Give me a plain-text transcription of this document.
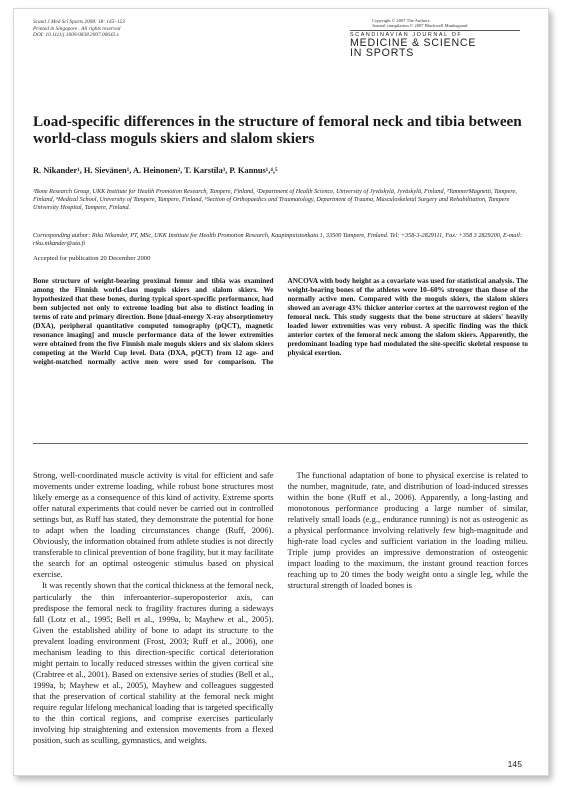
Scand J Med Sci Sports 2008: 18: 145–153
Printed in Singapore . All rights reserved
DOI: 10.1111/j.1600-0838.2007.00643.x
Copyright © 2007 The Authors
Journal compilation © 2007 Blackwell Munksgaard
SCANDINAVIAN JOURNAL OF
MEDICINE & SCIENCE
IN SPORTS
Load-specific differences in the structure of femoral neck and tibia between world-class moguls skiers and slalom skiers
R. Nikander¹, H. Sievänen¹, A. Heinonen², T. Karstila³, P. Kannus¹,⁴,⁵

¹Bone Research Group, UKK Institute for Health Promotion Research, Tampere, Finland, ²Department of Health Science, University of Jyväskylä, Jyväskylä, Finland, ³TammerMagnetti, Tampere, Finland, ⁴Medical School, University of Tampere, Tampere, Finland, ⁵Section of Orthopaedics and Traumatology, Department of Trauma, Musculoskeletal Surgery and Rehabilitation, Tampere University Hospital, Tampere, Finland.

Corresponding author: Riku Nikander, PT, MSc, UKK Institute for Health Promotion Research, Kaupinpuistonkatu 1, 33500 Tampere, Finland. Tel: +358-3-2829111, Fax: +358 3 2829200, E-mail: riku.nikander@uta.fi

Accepted for publication 20 December 2000

Bone structure of weight-bearing proximal femur and tibia was examined among the Finnish world-class moguls skiers and slalom skiers. We hypothesized that these bones, during typical sport-specific performance, had been subjected not only to extreme loading but also to distinct loading in terms of rate and primary direction. Bone [dual-energy X-ray absorptiometry (DXA), peripheral quantitative computed tomography (pQCT), magnetic resonance imaging] and muscle performance data of the lower extremities were obtained from the five Finnish male moguls skiers and six slalom skiers competing at the World Cup level. Data (DXA, pQCT) from 12 age- and weight-matched normally active men were used for comparison. The ANCOVA with body height as a covariate was used for statistical analysis. The weight-bearing bones of the athletes were 10–60% stronger than those of the normally active men. Compared with the moguls skiers, the slalom skiers showed an average 43% thicker anterior cortex at the narrowest region of the femoral neck. This study suggests that the bone structure at skiers' heavily loaded lower extremities was very robust. A specific finding was the thick anterior cortex of the femoral neck among the slalom skiers. Apparently, the predominant loading type had modulated the site-specific skeletal response to physical exertion.

Strong, well-coordinated muscle activity is vital for efficient and safe movements under extreme loading, while robust bone structures most likely emerge as a consequence of this kind of activity. Extreme sports offer natural experiments that could never be carried out in controlled settings but, as Ruff has stated, they demonstrate the potential for bone to adapt when the loading circumstances change (Ruff, 2006). Obviously, the information obtained from athlete studies is not directly transferable to clinical prevention of bone fragility, but it may facilitate the search for an optimal osteogenic stimulus based on physical exercise.

It was recently shown that the cortical thickness at the femoral neck, particularly the thin inferoanterior–superoposterior axis, can predispose the femoral neck to fragility fractures during a sideways fall (Lotz et al., 1995; Bell et al., 1999a, b; Mayhew et al., 2005). Given the established ability of bone to adapt its structure to the prevalent loading environment (Frost, 2003; Ruff et al., 2006), one mechanism leading to this direction-specific cortical deterioration might pertain to locally reduced stresses within the given cortical site (Crabtree et al., 2001). Based on extensive series of studies (Bell et al., 1999a, b; Mayhew et al., 2005), Mayhew and colleagues suggested that the preservation of cortical stability at the femoral neck might require regular lifelong mechanical loading that is targeted specifically to the thin cortical regions, and comprise exercises particularly involving hip straightening and extension movements from a flexed position, such as sculling, gymnastics, and weights.

The functional adaptation of bone to physical exercise is related to the number, magnitude, rate, and distribution of load-induced stresses within the bone (Ruff et al., 2006). Apparently, a long-lasting and monotonous performance producing a large number of similar, relatively small loads (e.g., endurance running) is not as osteogenic as a physical performance involving relatively few high-magnitude and high-rate load cycles and sufficient variation in the loading milieu. Triple jump provides an impressive demonstration of osteogenic impact loading to the maximum, the instant ground reaction forces reaching up to 20 times the body weight onto a single leg, while the structural strength of loaded bones is

145
